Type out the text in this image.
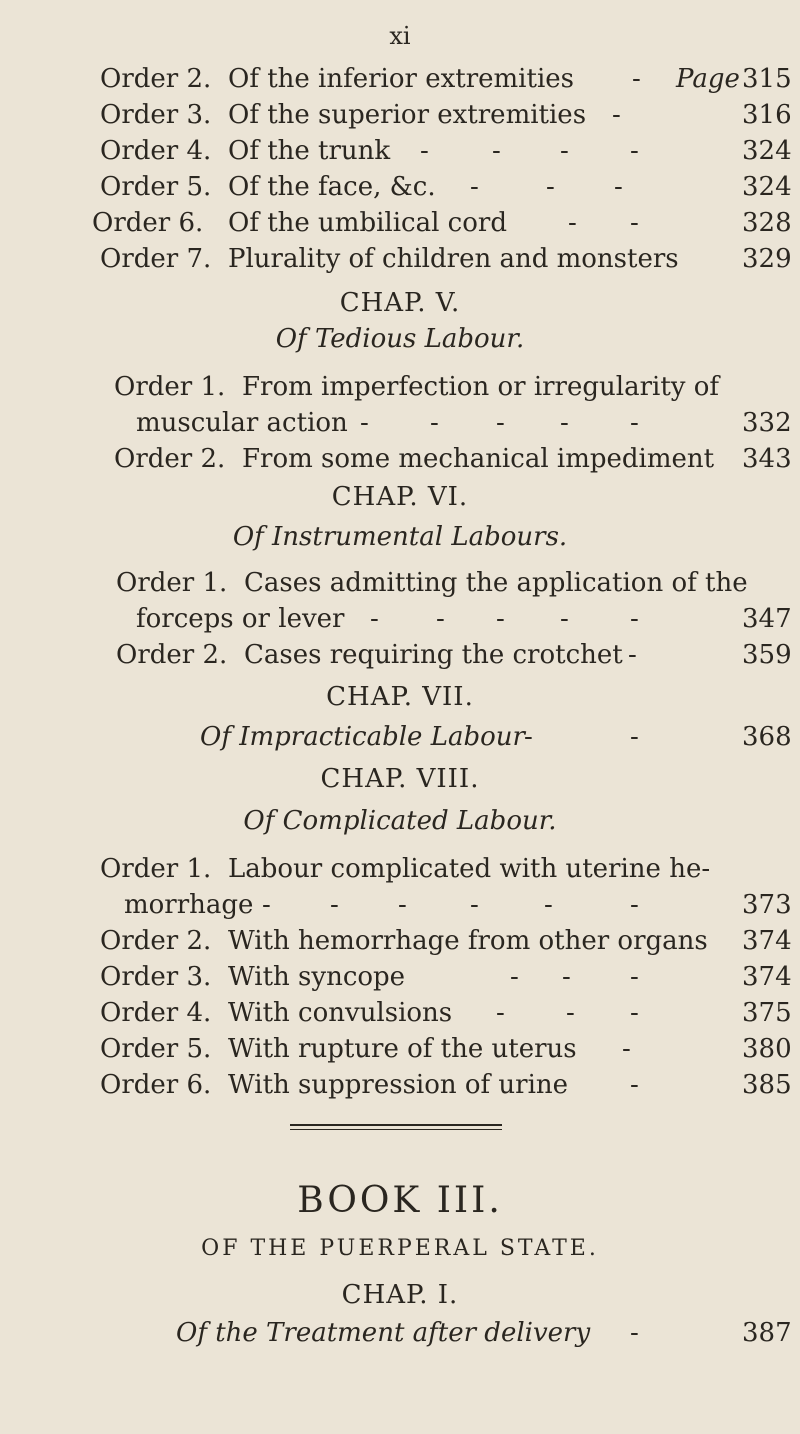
xi
Order 2. Of the inferior extremities - Page 315
Order 3. Of the superior extremities -	316
Order 4. Of the trunk - - - -	324
Order 5. Of the face, &c. -	- -	324
Order 6. Of the umbilical cord - -	328
Order 7. Plurality of children and monsters 329
CHAP. V.
Of Tedious Labour.
Order 1. From imperfection or irregularity of
muscular action - - - - -	332
Order 2. From some mechanical impediment 343
CHAP. VI.
Of Instrumental Labours.
Order 1. Cases admitting the application of the
forceps or lever - - - - -	347
Order 2. Cases requiring the crotchet -	359
CHAP. VII.
Of Impracticable Labour -	-	368
CHAP. VIII.
Of Complicated Labour.
Order 1. Labour complicated with uterine he-
morrhage - - - -	-	-	373
Order 2. With hemorrhage from other organs 374
Order 3. With syncope	- - -	374
Order 4. With convulsions - - -	375
Order 5. With rupture of the uterus -	380
Order 6. With suppression of urine -	385
BOOK III.
OF THE PUERPERAL STATE.
CHAP. I.
Of the Treatment after delivery -	387
